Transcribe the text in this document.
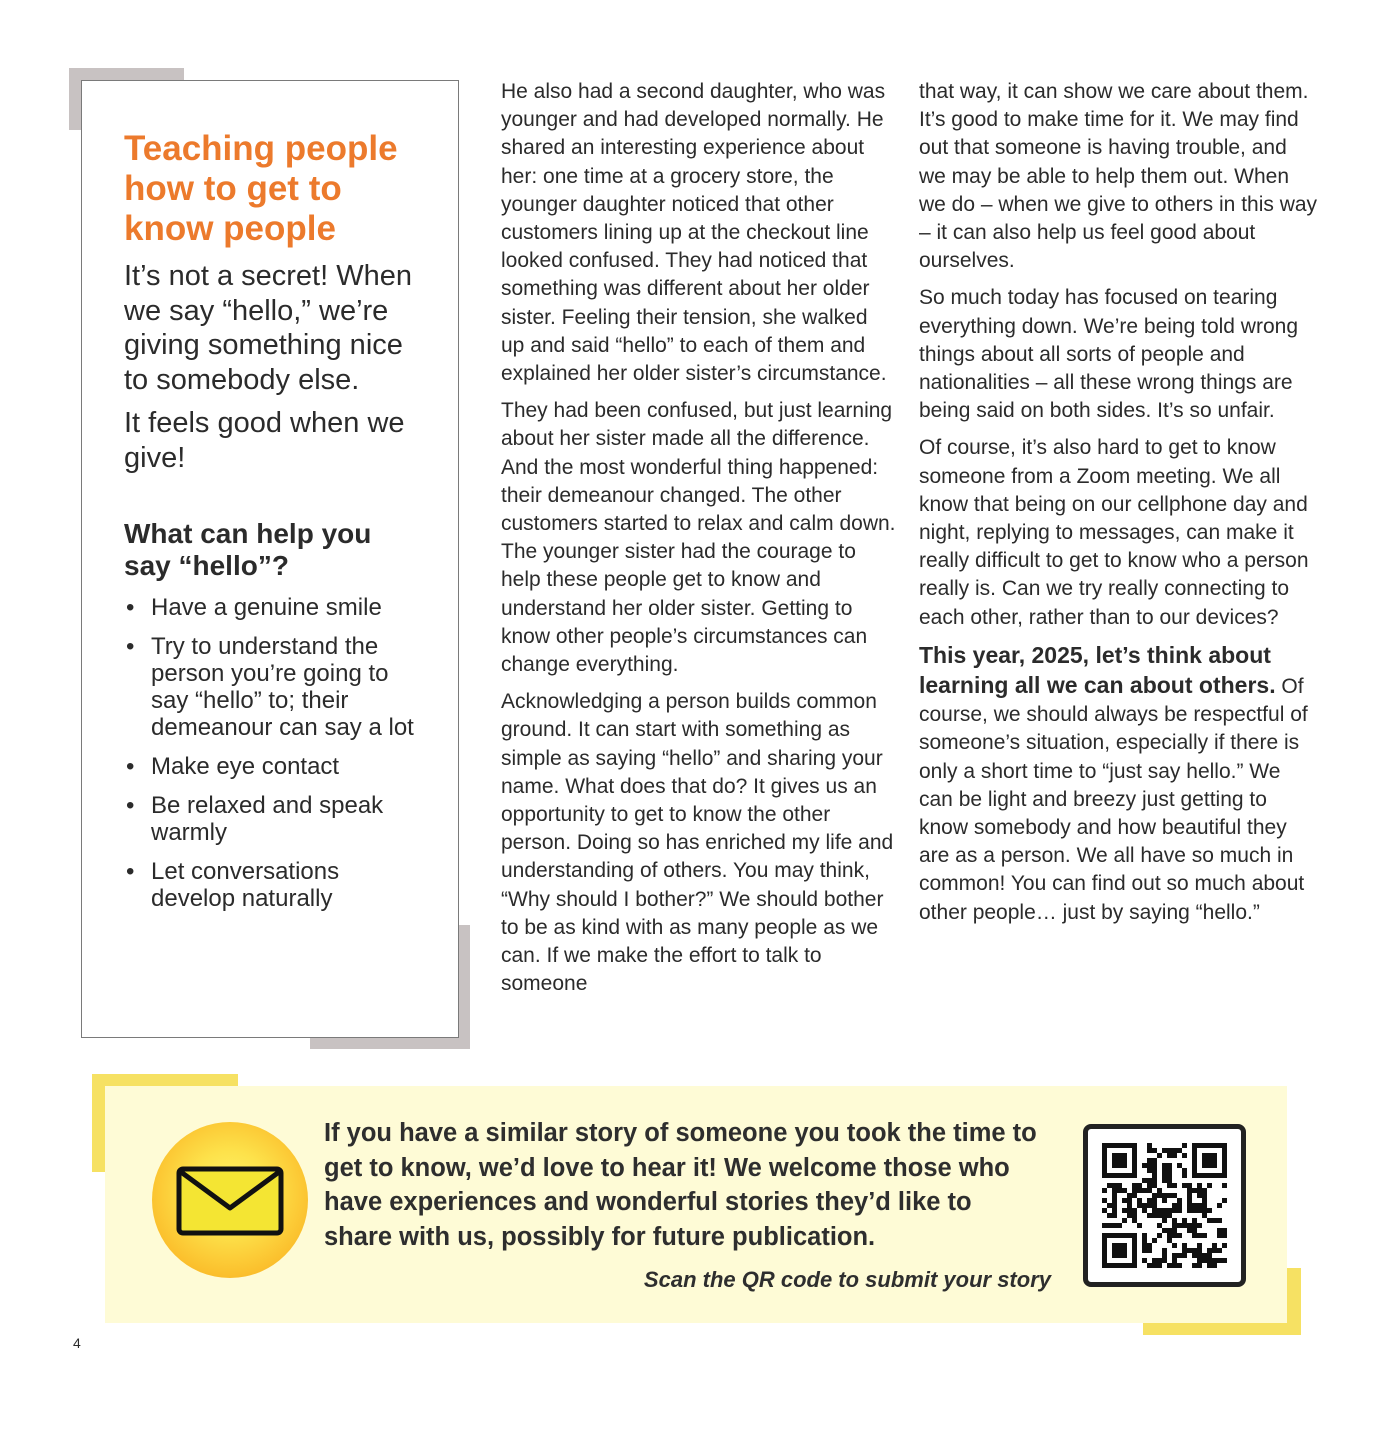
Teaching people
how to get to
know people

It’s not a secret! When we say “hello,” we’re giving something nice to somebody else.

It feels good when we give!

What can help you
say “hello”?
• Have a genuine smile
• Try to understand the person you’re going to say “hello” to; their demeanour can say a lot
• Make eye contact
• Be relaxed and speak warmly
• Let conversations develop naturally

He also had a second daughter, who was younger and had developed normally. He shared an interesting experience about her: one time at a grocery store, the younger daughter noticed that other customers lining up at the checkout line looked confused. They had noticed that something was different about her older sister. Feeling their tension, she walked up and said “hello” to each of them and explained her older sister’s circumstance.

They had been confused, but just learning about her sister made all the difference. And the most wonderful thing happened: their demeanour changed. The other customers started to relax and calm down. The younger sister had the courage to help these people get to know and understand her older sister. Getting to know other people’s circumstances can change everything.

Acknowledging a person builds common ground. It can start with something as simple as saying “hello” and sharing your name. What does that do? It gives us an opportunity to get to know the other person. Doing so has enriched my life and understanding of others. You may think, “Why should I bother?” We should bother to be as kind with as many people as we can. If we make the effort to talk to someone

that way, it can show we care about them. It’s good to make time for it. We may find out that someone is having trouble, and we may be able to help them out. When we do – when we give to others in this way – it can also help us feel good about ourselves.

So much today has focused on tearing everything down. We’re being told wrong things about all sorts of people and nationalities – all these wrong things are being said on both sides. It’s so unfair.

Of course, it’s also hard to get to know someone from a Zoom meeting. We all know that being on our cellphone day and night, replying to messages, can make it really difficult to get to know who a person really is. Can we try really connecting to each other, rather than to our devices?

This year, 2025, let’s think about learning all we can about others. Of course, we should always be respectful of someone’s situation, especially if there is only a short time to “just say hello.” We can be light and breezy just getting to know somebody and how beautiful they are as a person. We all have so much in common! You can find out so much about other people… just by saying “hello.”

If you have a similar story of someone you took the time to get to know, we’d love to hear it! We welcome those who have experiences and wonderful stories they’d like to share with us, possibly for future publication.

Scan the QR code to submit your story

4
